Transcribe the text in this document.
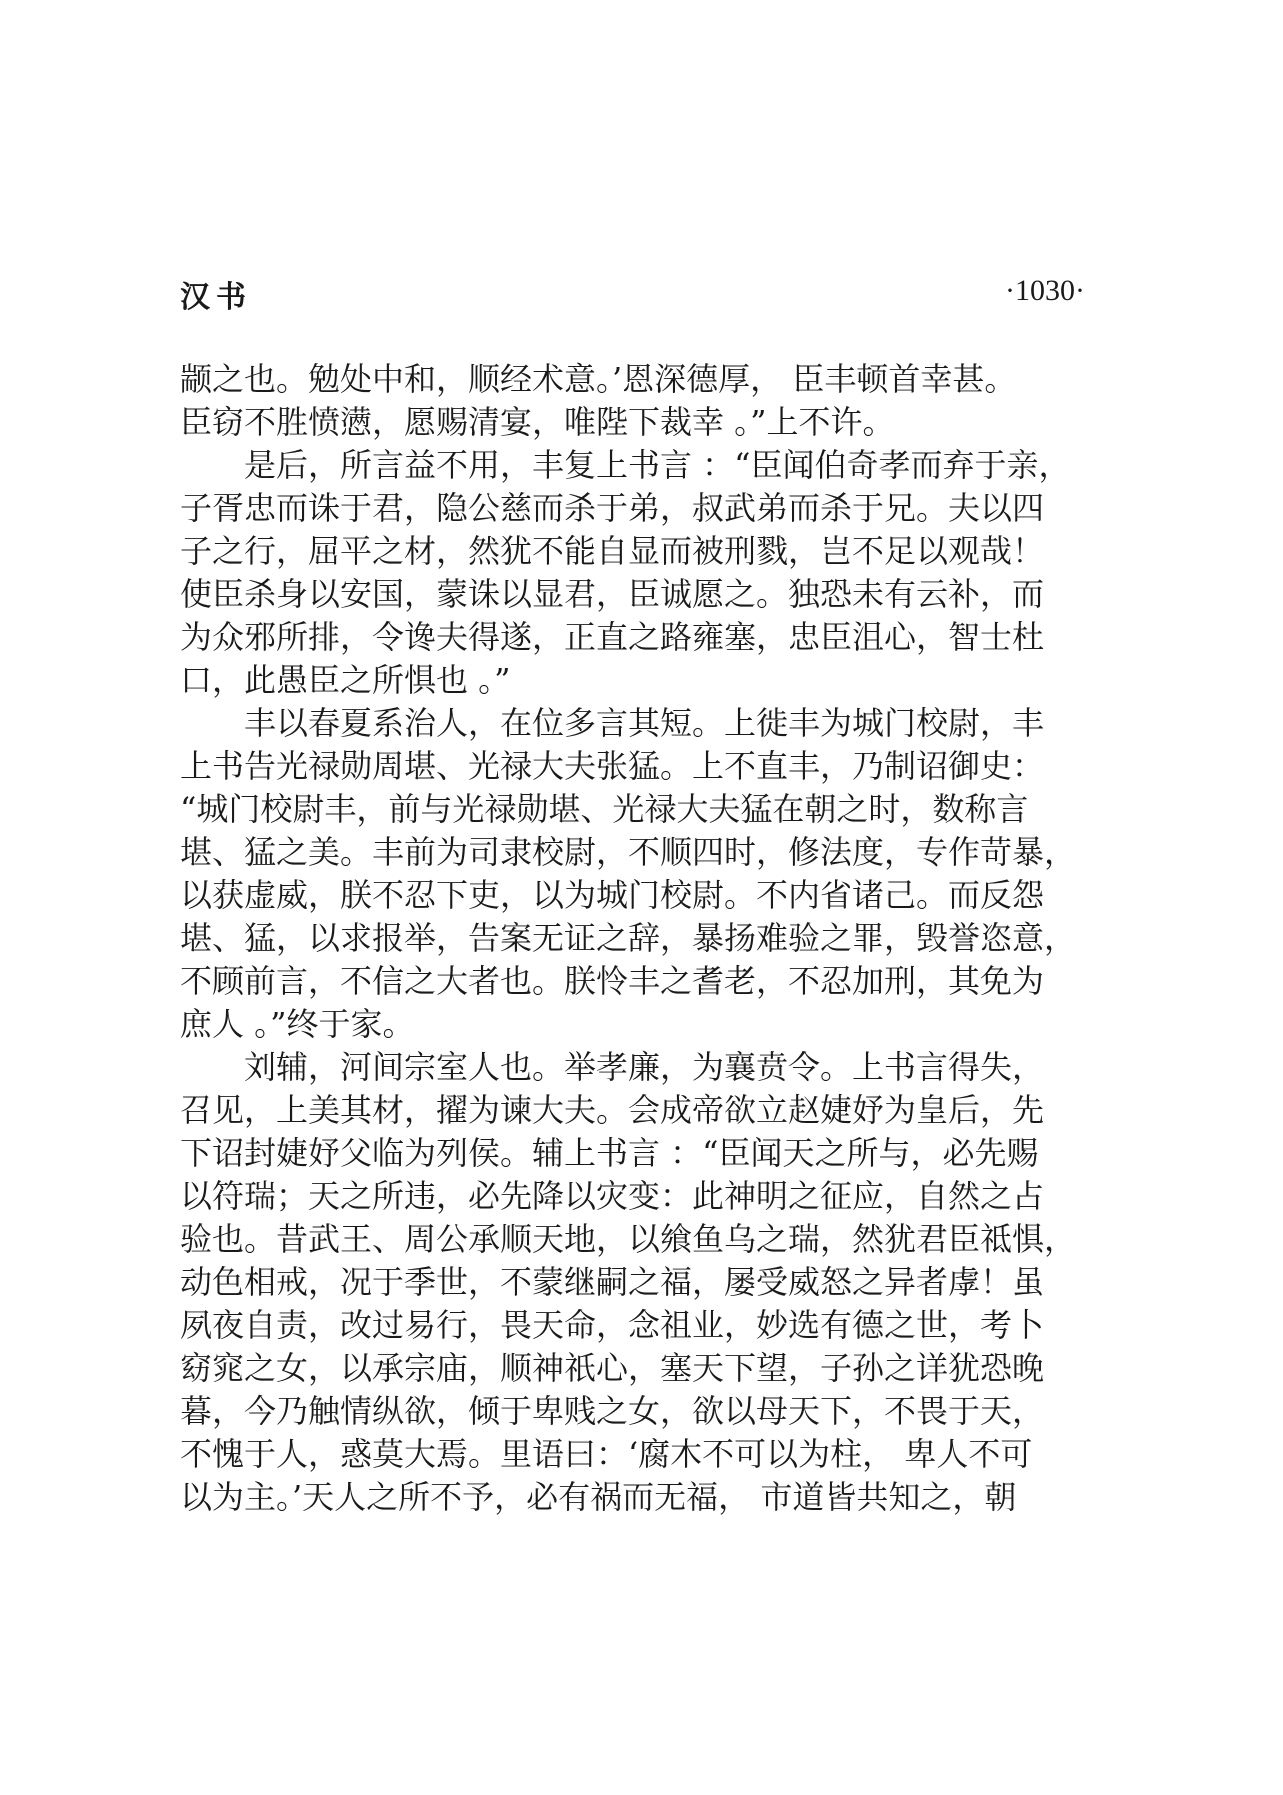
汉书	·1030·
颛之也。勉处中和，顺经术意。’恩深德厚， 臣丰顿首幸甚。
臣窃不胜愤懑，愿赐清宴，唯陛下裁幸 。”上不许。
是后，所言益不用，丰复上书言 ：“臣闻伯奇孝而弃于亲，
子胥忠而诛于君，隐公慈而杀于弟，叔武弟而杀于兄。夫以四
子之行，屈平之材，然犹不能自显而被刑戮，岂不足以观哉！
使臣杀身以安国，蒙诛以显君，臣诚愿之。独恐未有云补，而
为众邪所排，令谗夫得遂，正直之路雍塞，忠臣沮心，智士杜
口，此愚臣之所惧也 。”
丰以春夏系治人，在位多言其短。上徙丰为城门校尉，丰
上书告光禄勋周堪、光禄大夫张猛。上不直丰，乃制诏御史：
“城门校尉丰，前与光禄勋堪、光禄大夫猛在朝之时，数称言
堪、猛之美。丰前为司隶校尉，不顺四时，修法度，专作苛暴，
以获虚威，朕不忍下吏，以为城门校尉。不内省诸己。而反怨
堪、猛，以求报举，告案无证之辞，暴扬难验之罪，毁誉恣意，
不顾前言，不信之大者也。朕怜丰之耆老，不忍加刑，其免为
庶人 。”终于家。
刘辅，河间宗室人也。举孝廉，为襄贲令。上书言得失，
召见，上美其材，擢为谏大夫。会成帝欲立赵婕妤为皇后，先
下诏封婕妤父临为列侯。辅上书言 ：“臣闻天之所与，必先赐
以符瑞；天之所违，必先降以灾变：此神明之征应，自然之占
验也。昔武王、周公承顺天地，以飨鱼乌之瑞，然犹君臣祗惧，
动色相戒，况于季世，不蒙继嗣之福，屡受威怒之异者虖！虽
夙夜自责，改过易行，畏天命，念祖业，妙选有德之世，考卜
窈窕之女，以承宗庙，顺神祇心，塞天下望，子孙之详犹恐晚
暮，今乃触情纵欲，倾于卑贱之女，欲以母天下，不畏于天，
不愧于人，惑莫大焉。里语曰：‘腐木不可以为柱， 卑人不可
以为主。’天人之所不予，必有祸而无福， 市道皆共知之，朝
